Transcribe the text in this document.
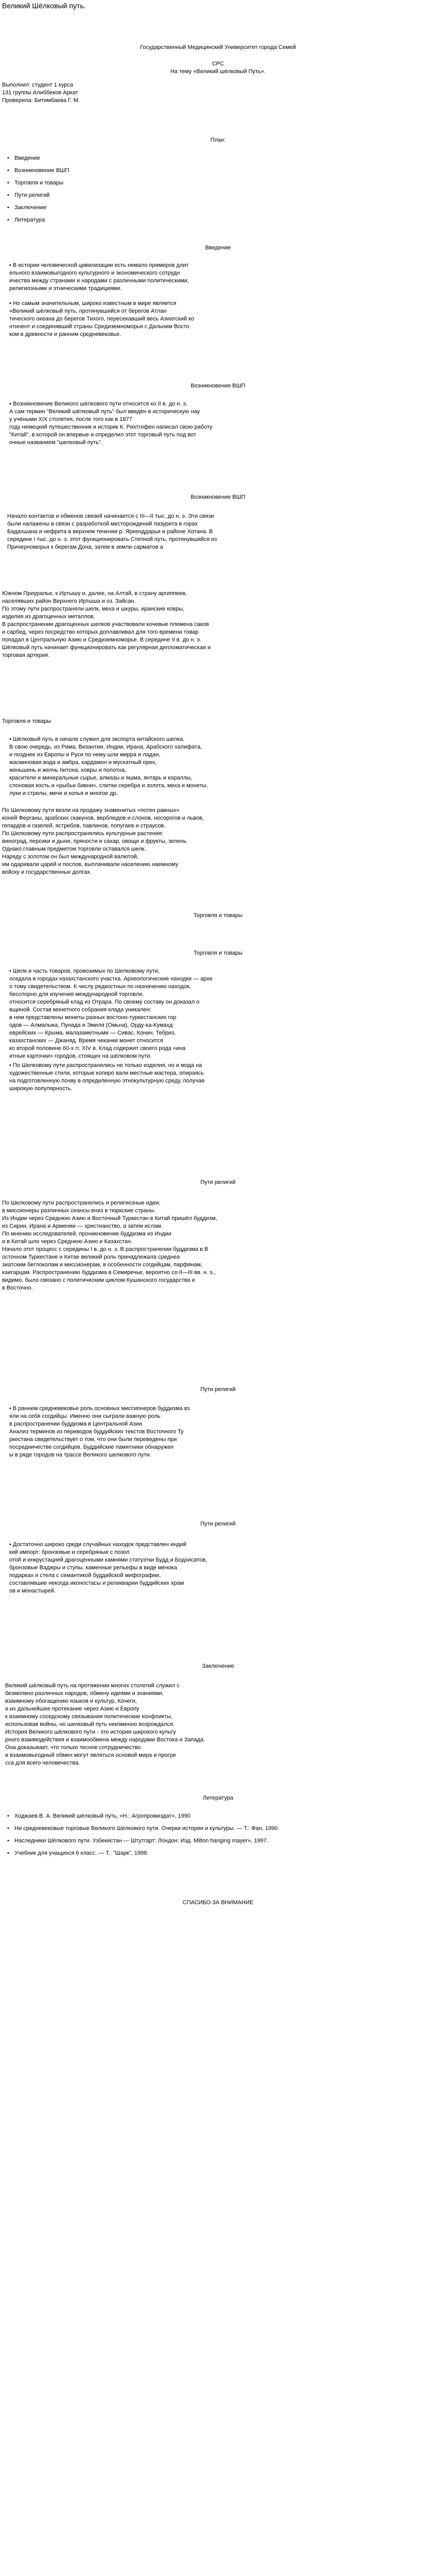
Великий Шёлковый путь.
Государственный Медицинский Университет города Семей
СРС
На тему «Великий шёлковый Путь».

Выполнил: студент 1 курса

131 группы Алиббеков Аркат

Проверила: Битимбаева Г. М.

План:
• Введение
• Возникновение ВШП
• Торговля и товары
• Пути религий
• Заключение
• Литература
Введение

• В истории человеческой цивилизации есть немало примеров длит

ельного взаимовыгодного культурного и экономического сотрудн

ичества между странами и народами с различными политическими,

религиозными и этническими традициями.

• Но самым значительным, широко известным в мире является

«Великий шёлковый путь, протянувшийся от берегов Атлан

тического океана до берегов Тихого, пересекавший весь Азиатский ко

нтинент и соединявший страны Средиземноморья с Дальним Восто

ком в древности и ранним средневековье.

Возникновение ВШП

• Возникновение Великого шёлкового пути относится ко II в. до н. э.

А сам термин "Великий шёлковый путь" был введён в историческую нау

у учёными XIX столетия, после того как в 1877

году немецкий путешественник и историк К. Рихтгофен написал свою работу

"Китай", в которой он впервые и определил этот торговый путь под вот

очные названием "шелковый путь".

Возникновение ВШП

Начало контактов и обменов связей начинается с III—II тыс. до н. э. Эти связи

были налажены в связи с разработкой месторождений лазурита в горах

Бадахшана и нефрита в верхнем течении р. Яркенддарьи и районе Хотана. В

середине I тыс. до н. э. этот функционировать Степной путь, протянувшийся из

Причерноморья к берегам Дона, затем в земли сарматов а

Южном Приуралье, к Иртышу и, далее, на Алтай, в страну аргиппеев,

населявших район Верхнего Иртыша и оз. Зайсан.

По этому пути распространяли шелк, меха и шкуры, иранские ковры,

изделия из драгоценных металлов.

В распространении драгоценных шелков участвовали кочевые племена саков

и сарбед, через посредство которых доплавливал для того времени товар

попадал в Центральную Азию и Средиземноморье. В середине II в. до н. э.

Шёлковый путь начинает функционировать как регулярная дипломатическая и

торговая артерия.

Торговля и товары

• Шёлковый путь в начале служил для экспорта китайского шелка.

В свою очередь, из Рима, Византии, Индии, Ирана, Арабского халифата,

и позднее из Европы и Руси по нему шли мирра и ладан,

жасминовая вода и амбра, кардамон и мускатный орех,

женьшень и желчь питона, ковры и полотна,

красители и минеральные сырье, алмазы и яшма, янтарь и кораллы,

слоновая кость и «рыбьи бивни», слитки серебра и золота, меха и монеты,

луки и стрелы, мечи и копья и многое др.

По Шелковому пути везли на продажу знаменитых «потен равных»

коней Ферганы, арабских скакунов, верблюдов и слонов, носорогов и львов,

гепардов и газелей, ястребов, павлинов, попугаев и страусов.

По Шелковому пути распространялись культурные растения:

виноград, персики и дыни, пряности и сахар, овощи и фрукты, зелень.

Однако главным предметом торговли оставался шелк.

Наряду с золотом он был международной валютой,

им одаривали царей и послов, выплачивали населению наемному

войску и государственных долгах.

Торговля и товары
Торговля и товары

• Шелк и часть товаров, провозимых по Шелковому пути,

оседала в городах казахстанского участка. Археологические находки — архе

о тому свидетельством. К числу редкостных по назначению находок,

бесспорно для изучения международной торговли,

относится серебряный клад из Отрара. По своему составу он доказал о

вщиной. Состав монетного собрания клада уникален:

в нем представлены монеты разных востоно-туркестанских гор

одов — Алмалыка, Пунада и Эмиля (Омьна), Орду-ка-Кумахд

еврейских — Крыма, малазаметными — Сивас, Конин, Тебриз,

казахстанских — Джаняд. Время чеканки монет относится

ко второй половине 60-х гг. XIV в. Клад содержит своего рода «ина

итные карточки» городов, стоящих на шёлковом пути.

• По Шелковому пути распространялись не только изделия, но и мода на

художественные стили, которые копиро вали местные мастера, опираясь

на подготовленную почву в определенную этнокультурную среду, получая

широкую популярность.

Пути религий

По Шелковому пути распространялись и религиозные идеи,

в миссионеры различных сеансы вниз в тюркские страны.

Из Индии через Среднюю Азию и Восточный Туркестан в Китай пришёл буддизм,

из Сирии, Ирана и Армении — христианство, а затем ислам.

По мнению исследователей, проникновение буддизма из Индии

и в Китай шло через Среднюю Азию и Казахстан.

Начало этот процесс с середины I в. до н. э. В распространении буддизма в В

осточном Туркестане и Китае великий роль принадлежала среднеа

зиатским беглоколам и миссионерам, в особенности согдийцам, парфянам,

каигарцам. Распространению буддизма в Семиречье, вероятно со II—III вв. н. э.,

видимо, было связано с политическим циклом Кушанского государства и

в Восточно.

Пути религий

• В раннем средневековье роль основных миссионеров буддизма вз

яли на себя согдийцы. Именно они сыграли важную роль

в распространении буддизма в Центральной Азии.

Анализ терминов из переводов буддийских текстов Восточного Ту

ркестана свидетельствует о том, что они были переведены при

посредничестве согдийцев. Буддийские памятники обнаружен

ы в ряде городов на трассе Великого шелкового пути.

Пути религий

• Достаточно широко среди случайных находок представлен индий

кий импорт: бронзовые и серебряные с позол

отой и инкрустацией драгоценными камнями статуэтки Будд и Бодхисатов,

бронзовые Ваджры и ступы, каменные рельефы в виде менока

подарках и стела с семантикой буддийской мифографии,

составлявшие некогда иконостасы и реликварии буддийских храм

ов и монастырей.

Заключение

Великий шёлковый путь на протяжении многих столетий служил с

безмолвно различных народов, обмену идеями и знаниями,

взаимному обогащению языков и культур, Кочеги,

и их дальнейшее протекание через Азию и Европу

к взаимному соседскому связывания политические конфликты,

использовав войны, но шелковый путь неизменно возрождался.

История Великого шёлкового пути - это история широкого культу

рного взаимодействия и взаимообмена между народами Востока и Запада.

Она доказывает, что только тесное сотрудничество

и взаимовыгодный обмен могут являться основой мира и прогре

сса для всего человечества.

Литература
• Ходжаев В. А. Великий шёлковый путь, «Н.: Агропромиздат», 1990
• Ни средневековые торговые Великого Шелкового пути. Очерки истории и культуры. — Т.: Фан, 1990.
• Наследники Шёлкового пути. Узбекистан — Штутгарт: Лондон: Изд. Milton hanging mayer», 1997.
• Учебник для учащихся 6 класс. — Т.: "Шарк", 1998.
СПАСИБО ЗА ВНИМАНИЕ
